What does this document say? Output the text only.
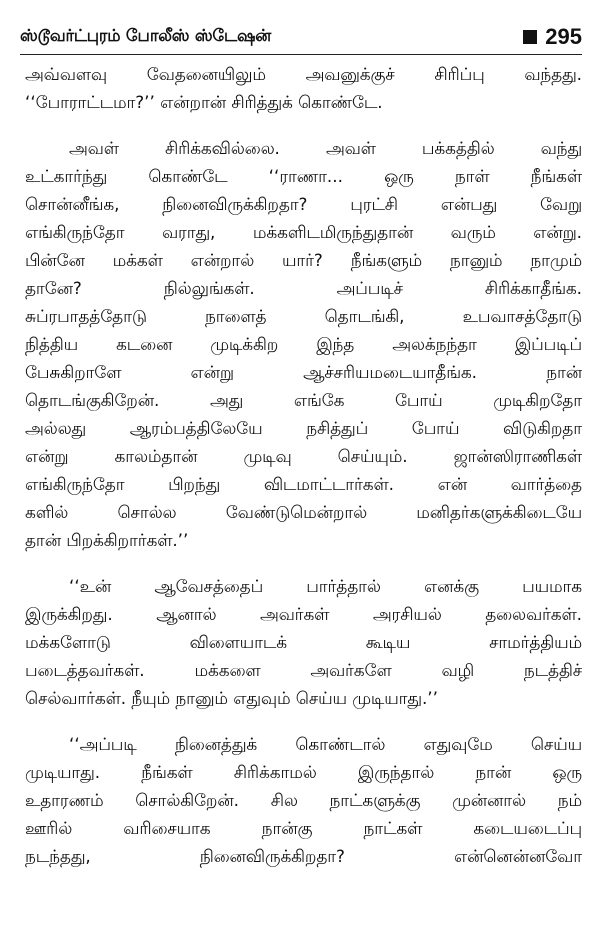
ஸ்டூவர்ட்புரம் போலீஸ் ஸ்டேஷன்	295
அவ்வளவு வேதனையிலும் அவனுக்குச் சிரிப்பு வந்தது.
‘‘போராட்டமா?’’ என்றான் சிரித்துக் கொண்டே.
அவள் சிரிக்கவில்லை. அவள் பக்கத்தில் வந்து
உட்கார்ந்து கொண்டே ‘‘ராணா... ஒரு நாள் நீங்கள்
சொன்னீங்க, நினைவிருக்கிறதா? புரட்சி என்பது வேறு
எங்கிருந்தோ வராது, மக்களிடமிருந்துதான் வரும் என்று.
பின்னே மக்கள் என்றால் யார்? நீங்களும் நானும் நாமும்
தானே? நில்லுங்கள். அப்படிச் சிரிக்காதீங்க.
சுப்ரபாதத்தோடு நாளைத் தொடங்கி, உபவாசத்தோடு
நித்திய கடனை முடிக்கிற இந்த அலக்நந்தா இப்படிப்
பேசுகிறாளே என்று ஆச்சரியமடையாதீங்க. நான்
தொடங்குகிறேன். அது எங்கே போய் முடிகிறதோ
அல்லது ஆரம்பத்திலேயே நசித்துப் போய் விடுகிறதா
என்று காலம்தான் முடிவு செய்யும். ஜான்ஸிராணிகள்
எங்கிருந்தோ பிறந்து விடமாட்டார்கள். என் வார்த்தை
களில் சொல்ல வேண்டுமென்றால் மனிதர்களுக்கிடையே
தான் பிறக்கிறார்கள்.’’
‘‘உன் ஆவேசத்தைப் பார்த்தால் எனக்கு பயமாக
இருக்கிறது. ஆனால் அவர்கள் அரசியல் தலைவர்கள்.
மக்களோடு விளையாடக் கூடிய சாமர்த்தியம்
படைத்தவர்கள். மக்களை அவர்களே வழி நடத்திச்
செல்வார்கள். நீயும் நானும் எதுவும் செய்ய முடியாது.’’
‘‘அப்படி நினைத்துக் கொண்டால் எதுவுமே செய்ய
முடியாது. நீங்கள் சிரிக்காமல் இருந்தால் நான் ஒரு
உதாரணம் சொல்கிறேன். சில நாட்களுக்கு முன்னால் நம்
ஊரில் வரிசையாக நான்கு நாட்கள் கடையடைப்பு
நடந்தது, நினைவிருக்கிறதா? என்னென்னவோ
